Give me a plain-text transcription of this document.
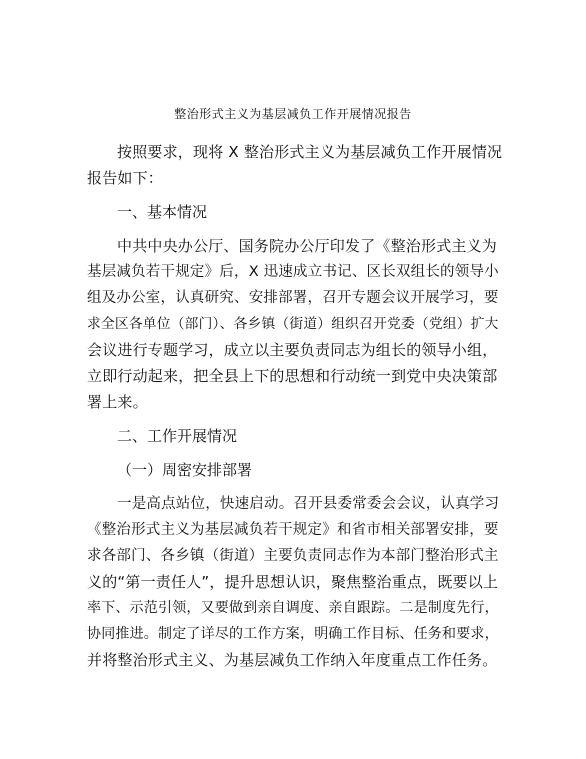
整治形式主义为基层减负工作开展情况报告
按照要求，现将 X 整治形式主义为基层减负工作开展情况
报告如下：
一、基本情况
中共中央办公厅、国务院办公厅印发了《整治形式主义为
基层减负若干规定》后，X 迅速成立书记、区长双组长的领导小
组及办公室，认真研究、安排部署，召开专题会议开展学习，要
求全区各单位（部门）、各乡镇（街道）组织召开党委（党组）扩大
会议进行专题学习，成立以主要负责同志为组长的领导小组，
立即行动起来，把全县上下的思想和行动统一到党中央决策部
署上来。
二、工作开展情况
（一）周密安排部署
一是高点站位，快速启动。召开县委常委会会议，认真学习
《整治形式主义为基层减负若干规定》和省市相关部署安排，要
求各部门、各乡镇（街道）主要负责同志作为本部门整治形式主
义的“第一责任人”，提升思想认识，聚焦整治重点，既要以上
率下、示范引领，又要做到亲自调度、亲自跟踪。二是制度先行，
协同推进。制定了详尽的工作方案，明确工作目标、任务和要求，
并将整治形式主义、为基层减负工作纳入年度重点工作任务。
